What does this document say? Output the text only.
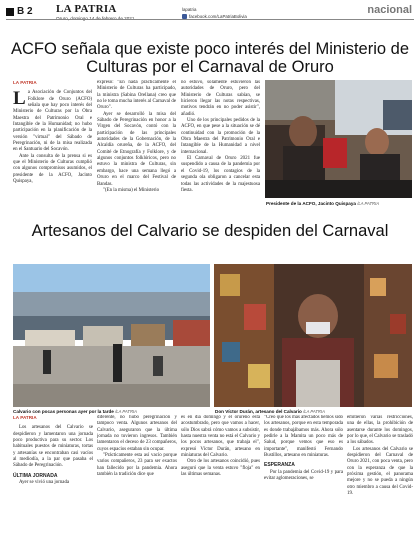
B 2 LA PATRIA	lapatria
facebook.com/LaPatriaBolivia
nacional
ACFO señala que existe poco interés del Ministerio de Culturas por el Carnaval de Oruro
LA PATRIA

La Asociación de Conjuntos del Folklore de Oruro (ACFO) señala que hay poco interés del Ministerio de Culturas por la Obra Maestra del Patrimonio Oral e Intangible de la Humanidad; no hubo participación en la planificación de la versión "virtual" del Sábado de Peregrinación, ni de la misa realizada en el Santuario del Socavón.

Ante la consulta de la prensa si es que el Ministerio de Culturas cumplió con algunos compromisos asumidos, el presidente de la ACFO, Jacinto Quispaya,

expresó: "En nada prácticamente el Ministerio de Culturas ha participado, la ministra (Sabina Orellana) creo que no le toma mucha interés al Carnaval de Oruro".

Ayer se desarrolló la misa del Sábado de Peregrinación en honor a la Virgen del Socavón, contó con la participación de las principales autoridades de la Gobernación, de la Alcaldía orureña, de la ACFO, del Comité de Etnografía y Folklore, y de algunos conjuntos folklóricos, pero no estuvo la ministra de Culturas, sin embargo, hace una semana llegó a Oruro en el marco del Festival de Bandas.

"(En la misma) el Ministerio

no estuvo, solamente estuvieron las autoridades de Oruro, pero del Ministerio de Culturas sabían, se hicieron llegar las notas respectivas, motivos tendrán en no poder asistir", añadió.

Uno de los principales pedidos de la ACFO, en que pese a la situación se dé continuidad con la promoción de la Obra Maestra del Patrimonio Oral e Intangible de la Humanidad a nivel internacional.

El Carnaval de Oruro 2021 fue suspendido a causa de la pandemia por el Covid-19, los contagios de la segunda ola obligaron a cancelar esta todas las actividades de la majestuosa fiesta.

Presidente de la ACFO, Jacinto Quispaya /LA PATRIA
Artesanos del Calvario se despiden del Carnaval
Calvario con pocas personas ayer por la tarde /LA PATRIA	Don Víctor Durán, artesano del Calvario /LA PATRIA
LA PATRIA

Los artesanos del Calvario se despidieron y lamentaron una jornada poco productiva para su sector. Los habituales puestos de miniaturas, tortas y artesanías se encontraban casi vacíos al mediodía, a la par que pasaba el Sábado de Peregrinación.

ÚLTIMA JORNADA

Ayer se vivió una jornada

diferente, no hubo peregrinación y tampoco venta. Algunos artesanos del Calvario, aseguraron que la última jornada no tuvieron ingresos. También lamentaron el deceso de 23 compañeros, cuyos espacios estaban sin ocupar.

"Prácticamente esta así vacío porque varios compañeros, 23 para ser exactos han fallecido por la pandemia. Ahora también la tradición dice que

es en día domingo y el orureño está acostumbrado, pero que vamos a hacer, sólo Dios sabrá cómo vamos a subsistir, hasta nuestra venta no está el Calvario y los pocos artesanos, que trabaja el", expresó Víctor Durán, artesano en miniaturas del Calvario.

Otro de los artesanos coincidió, pues aseguró que la venta estuvo "floja" en las últimas semanas.

"Creo que los más afectados hemos sido los artesanos, porque en esta temporada es donde trabajábamos más. Ahora sólo pedirle a la Mamita un poco más de Salud, porque vemos que eso es importante", manifestó Fernando Bustillos, artesano en miniaturas.

ESPERANZA

Por la pandemia del Covid-19 y para evitar aglomeraciones, se

emitieron varias restricciones, una de ellas, la prohibición de asentarse durante los domingos, por lo que, el Calvario se trasladó a los sábados.

Los artesanos del Calvario se despidieron del Carnaval de Oruro 2021, con poca venta, pero con la esperanza de que la próxima gestión, el panorama mejore y no se pueda a ningún otro miembro a causa del Covid-19.
